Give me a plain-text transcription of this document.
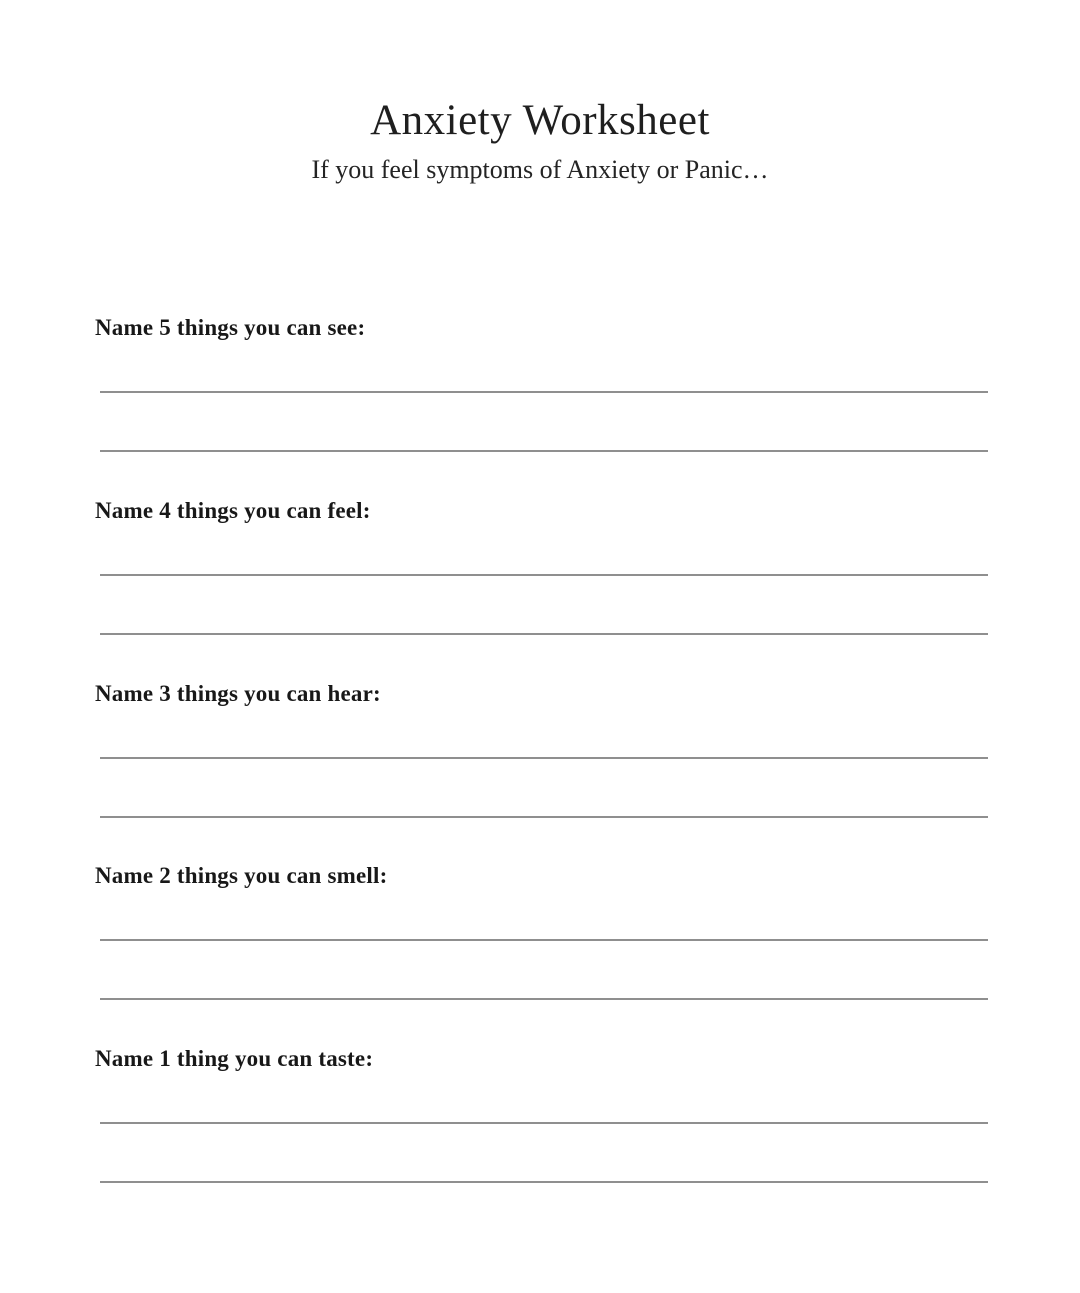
Anxiety Worksheet
If you feel symptoms of Anxiety or Panic…
Name 5 things you can see:
Name 4 things you can feel:
Name 3 things you can hear:
Name 2 things you can smell:
Name 1 thing you can taste:
